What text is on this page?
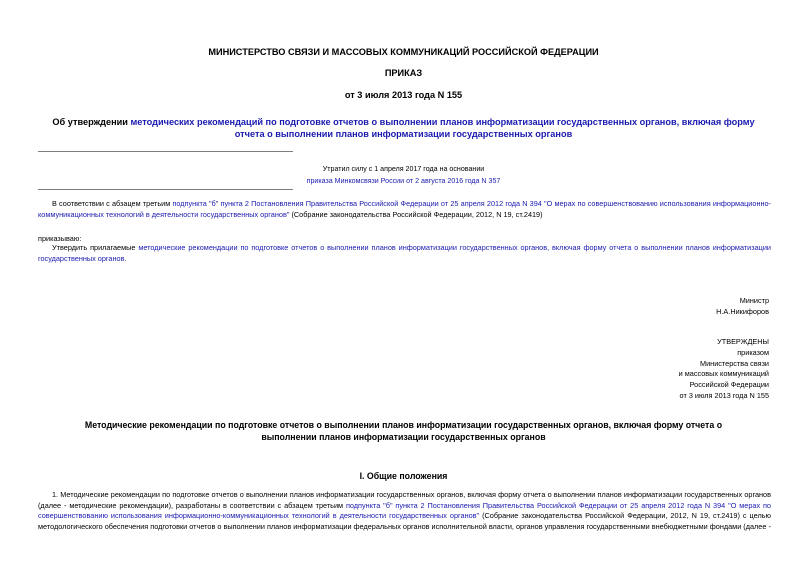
МИНИСТЕРСТВО СВЯЗИ И МАССОВЫХ КОММУНИКАЦИЙ РОССИЙСКОЙ ФЕДЕРАЦИИ
ПРИКАЗ
от 3 июля 2013 года N 155
Об утверждении методических рекомендаций по подготовке отчетов о выполнении планов информатизации государственных органов, включая форму отчета о выполнении планов информатизации государственных органов
Утратил силу с 1 апреля 2017 года на основании
приказа Минкомсвязи России от 2 августа 2016 года N 357
В соответствии с абзацем третьим подпункта "б" пункта 2 Постановления Правительства Российской Федерации от 25 апреля 2012 года N 394 "О мерах по совершенствованию использования информационно-коммуникационных технологий в деятельности государственных органов" (Собрание законодательства Российской Федерации, 2012, N 19, ст.2419)
приказываю:
Утвердить прилагаемые методические рекомендации по подготовке отчетов о выполнении планов информатизации государственных органов, включая форму отчета о выполнении планов информатизации государственных органов.
Министр
Н.А.Никифоров
УТВЕРЖДЕНЫ
приказом
Министерства связи
и массовых коммуникаций
Российской Федерации
от 3 июля 2013 года N 155
Методические рекомендации по подготовке отчетов о выполнении планов информатизации государственных органов, включая форму отчета о выполнении планов информатизации государственных органов
I. Общие положения
1. Методические рекомендации по подготовке отчетов о выполнении планов информатизации государственных органов, включая форму отчета о выполнении планов информатизации государственных органов (далее - методические рекомендации), разработаны в соответствии с абзацем третьим подпункта "б" пункта 2 Постановления Правительства Российской Федерации от 25 апреля 2012 года N 394 "О мерах по совершенствованию использования информационно-коммуникационных технологий в деятельности государственных органов" (Собрание законодательства Российской Федерации, 2012, N 19, ст.2419) с целью методологического обеспечения подготовки отчетов о выполнении планов информатизации федеральных органов исполнительной власти, органов управления государственными внебюджетными фондами (далее -
